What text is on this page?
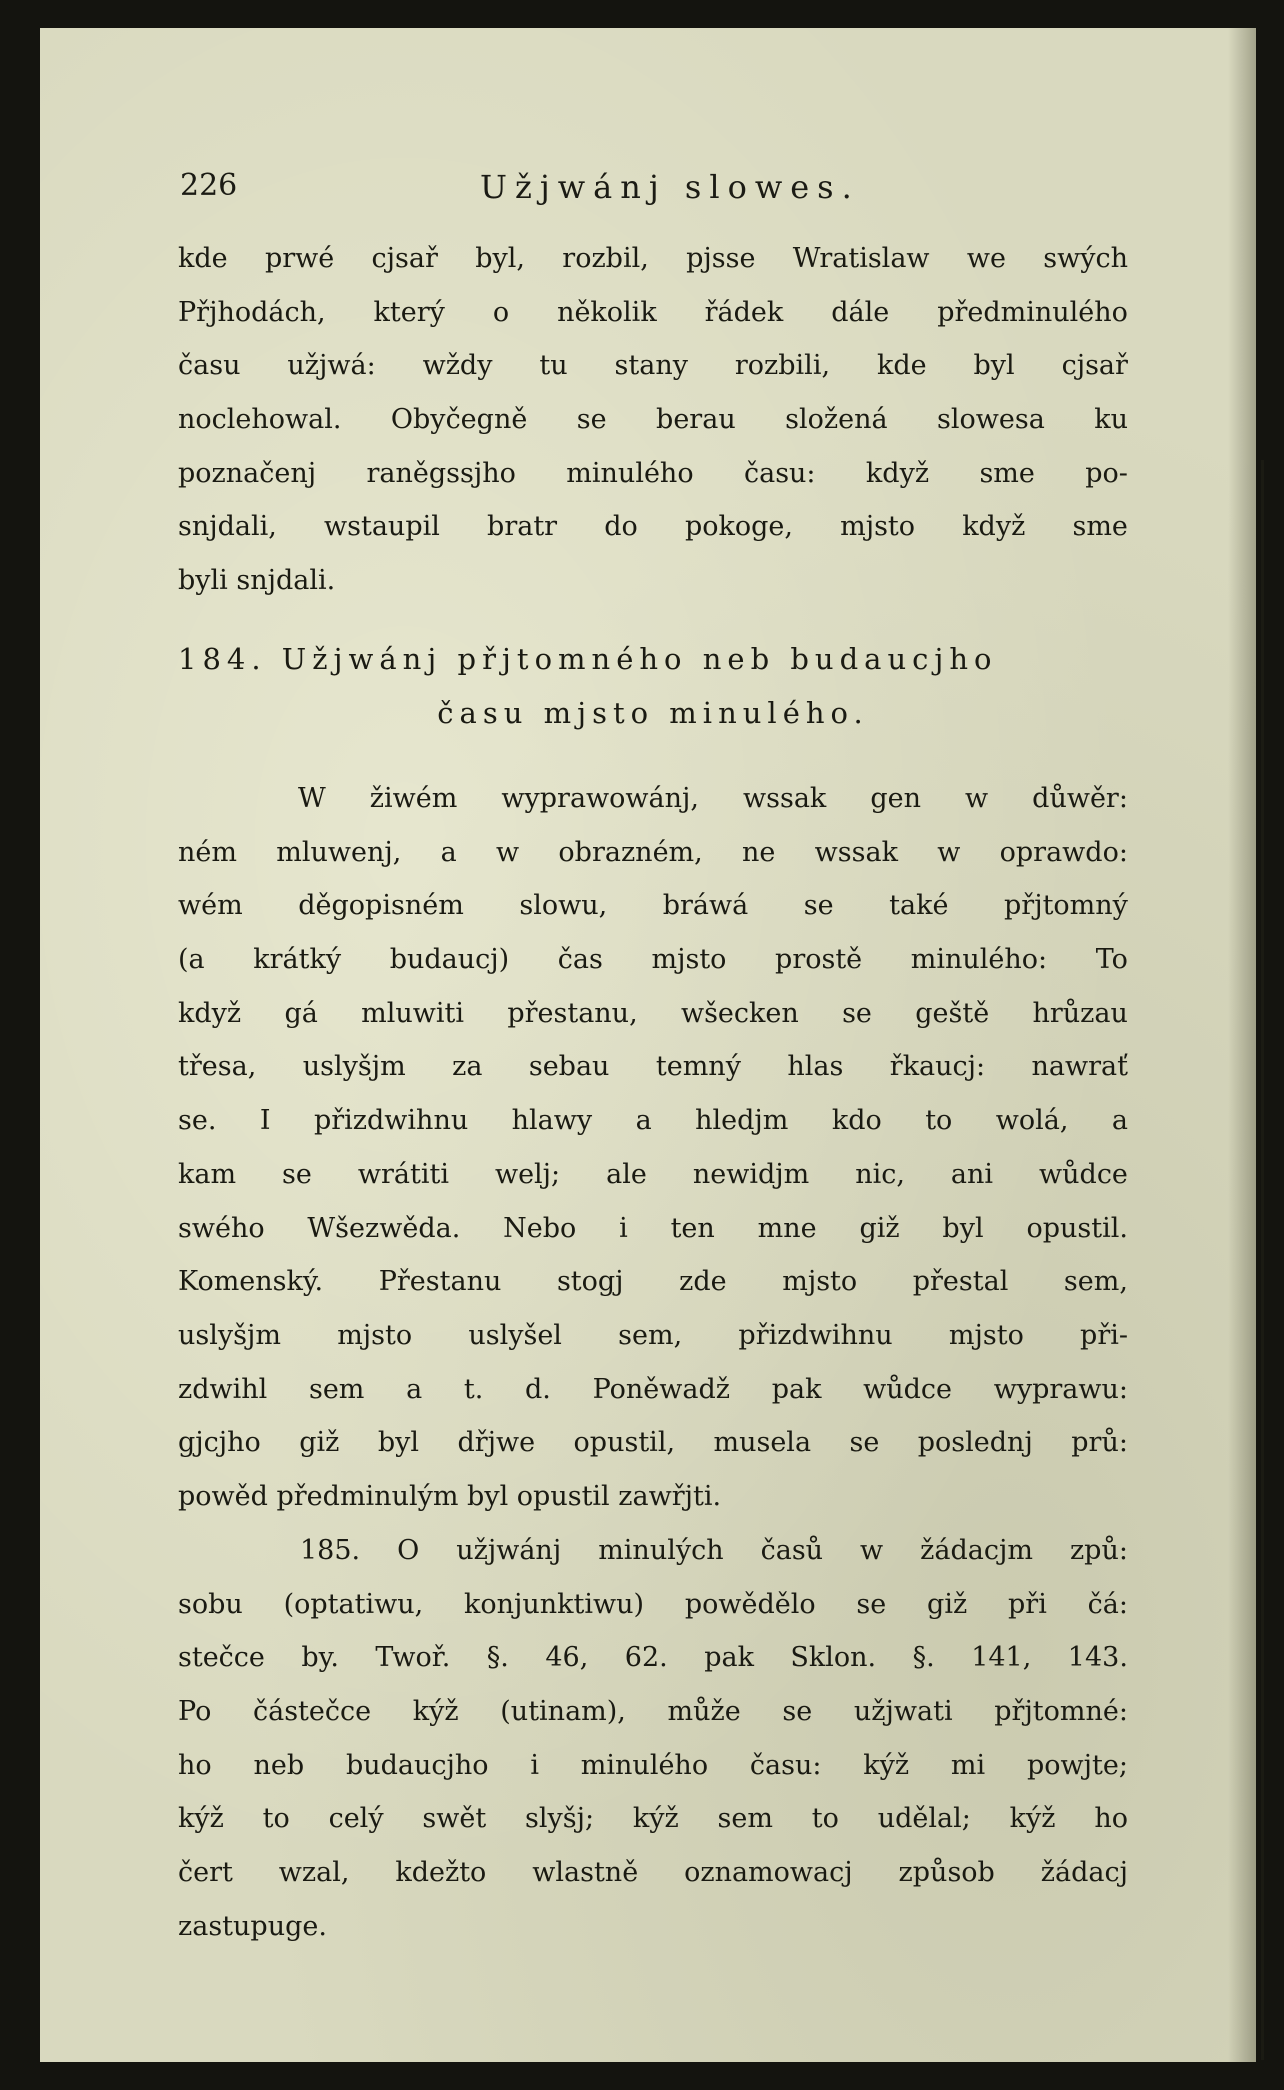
226	Užjwánj slowes.
kde prwé cjsař byl, rozbil, pjsse Wratislaw we swých
Přjhodách, který o několik řádek dále předminulého
času užjwá: wždy tu stany rozbili, kde byl cjsař
noclehowal. Obyčegně se berau složená slowesa ku
poznačenj raněgssjho minulého času: když sme po-
snjdali, wstaupil bratr do pokoge, mjsto když sme
byli snjdali.
184. Užjwánj přjtomného neb budaucjho
času mjsto minulého.
W žiwém wyprawowánj, wssak gen w důwěr:
ném mluwenj, a w obrazném, ne wssak w oprawdo:
wém děgopisném slowu, bráwá se také přjtomný
(a krátký budaucj) čas mjsto prostě minulého: To
když gá mluwiti přestanu, wšecken se geště hrůzau
třesa, uslyšjm za sebau temný hlas řkaucj: nawrať
se. I přizdwihnu hlawy a hledjm kdo to wolá, a
kam se wrátiti welj; ale newidjm nic, ani wůdce
swého Wšezwěda. Nebo i ten mne giž byl opustil.
Komenský. Přestanu stogj zde mjsto přestal sem,
uslyšjm mjsto uslyšel sem, přizdwihnu mjsto při-
zdwihl sem a t. d. Poněwadž pak wůdce wyprawu:
gjcjho giž byl dřjwe opustil, musela se poslednj prů:
powěd předminulým byl opustil zawřjti.
185. O užjwánj minulých časů w žádacjm způ:
sobu (optatiwu, konjunktiwu) powědělo se giž při čá:
stečce by. Twoř. §. 46, 62. pak Sklon. §. 141, 143.
Po částečce kýž (utinam), může se užjwati přjtomné:
ho neb budaucjho i minulého času: kýž mi powjte;
kýž to celý swět slyšj; kýž sem to udělal; kýž ho
čert wzal, kdežto wlastně oznamowacj způsob žádacj
zastupuge.
